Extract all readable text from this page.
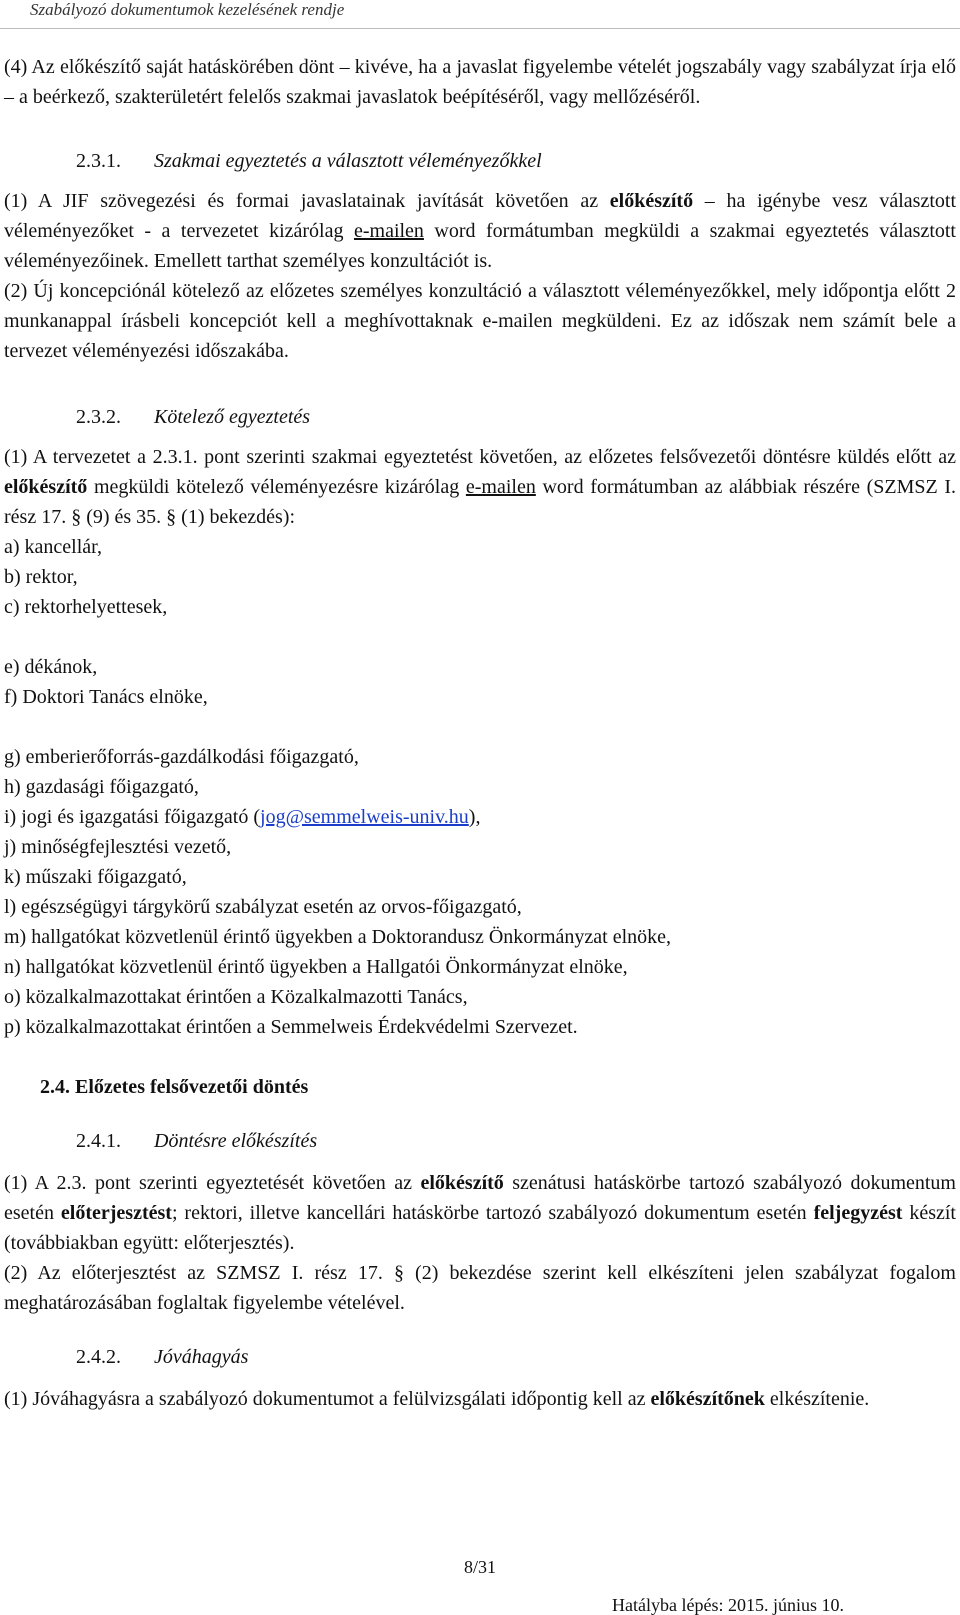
Szabályozó dokumentumok kezelésének rendje

(4) Az előkészítő saját hatáskörében dönt – kivéve, ha a javaslat figyelembe vételét jogszabály vagy szabályzat írja elő – a beérkező, szakterületért felelős szakmai javaslatok beépítéséről, vagy mellőzéséről.

2.3.1. Szakmai egyeztetés a választott véleményezőkkel

(1) A JIF szövegezési és formai javaslatainak javítását követően az előkészítő – ha igénybe vesz választott véleményezőket - a tervezetet kizárólag e-mailen word formátumban megküldi a szakmai egyeztetés választott véleményezőinek. Emellett tarthat személyes konzultációt is.

(2) Új koncepciónál kötelező az előzetes személyes konzultáció a választott véleményezőkkel, mely időpontja előtt 2 munkanappal írásbeli koncepciót kell a meghívottaknak e-mailen megküldeni. Ez az időszak nem számít bele a tervezet véleményezési időszakába.

2.3.2. Kötelező egyeztetés

(1) A tervezetet a 2.3.1. pont szerinti szakmai egyeztetést követően, az előzetes felsővezetői döntésre küldés előtt az előkészítő megküldi kötelező véleményezésre kizárólag e-mailen word formátumban az alábbiak részére (SZMSZ I. rész 17. § (9) és 35. § (1) bekezdés):

a) kancellár,

b) rektor,

c) rektorhelyettesek,

e) dékánok,

f) Doktori Tanács elnöke,

g) emberierőforrás-gazdálkodási főigazgató,

h) gazdasági főigazgató,

i) jogi és igazgatási főigazgató (jog@semmelweis-univ.hu),

j) minőségfejlesztési vezető,

k) műszaki főigazgató,

l) egészségügyi tárgykörű szabályzat esetén az orvos-főigazgató,

m) hallgatókat közvetlenül érintő ügyekben a Doktorandusz Önkormányzat elnöke,

n) hallgatókat közvetlenül érintő ügyekben a Hallgatói Önkormányzat elnöke,

o) közalkalmazottakat érintően a Közalkalmazotti Tanács,

p) közalkalmazottakat érintően a Semmelweis Érdekvédelmi Szervezet.

2.4. Előzetes felsővezetői döntés

2.4.1. Döntésre előkészítés

(1) A 2.3. pont szerinti egyeztetését követően az előkészítő szenátusi hatáskörbe tartozó szabályozó dokumentum esetén előterjesztést; rektori, illetve kancellári hatáskörbe tartozó szabályozó dokumentum esetén feljegyzést készít (továbbiakban együtt: előterjesztés).

(2) Az előterjesztést az SZMSZ I. rész 17. § (2) bekezdése szerint kell elkészíteni jelen szabályzat fogalom meghatározásában foglaltak figyelembe vételével.

2.4.2. Jóváhagyás

(1) Jóváhagyásra a szabályozó dokumentumot a felülvizsgálati időpontig kell az előkészítőnek elkészítenie.

8/31
Hatályba lépés: 2015. június 10.
